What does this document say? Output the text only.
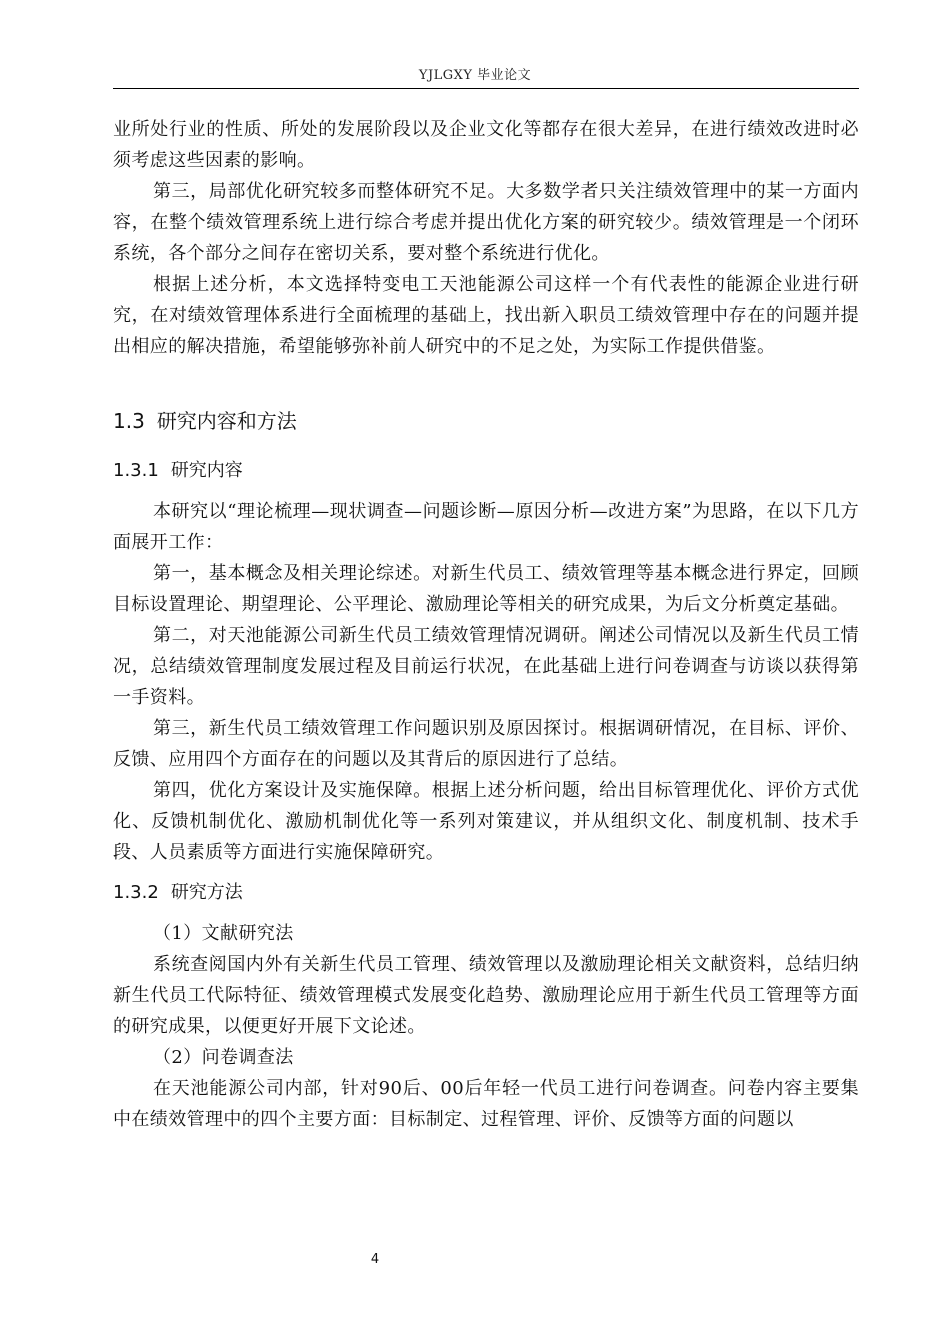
YJLGXY 毕业论文

业所处行业的性质、所处的发展阶段以及企业文化等都存在很大差异，在进行绩效改进时必须考虑这些因素的影响。

第三，局部优化研究较多而整体研究不足。大多数学者只关注绩效管理中的某一方面内容，在整个绩效管理系统上进行综合考虑并提出优化方案的研究较少。绩效管理是一个闭环系统，各个部分之间存在密切关系，要对整个系统进行优化。

根据上述分析，本文选择特变电工天池能源公司这样一个有代表性的能源企业进行研究，在对绩效管理体系进行全面梳理的基础上，找出新入职员工绩效管理中存在的问题并提出相应的解决措施，希望能够弥补前人研究中的不足之处，为实际工作提供借鉴。

1.3 研究内容和方法
1.3.1 研究内容

本研究以“理论梳理—现状调查—问题诊断—原因分析—改进方案”为思路，在以下几方面展开工作：

第一，基本概念及相关理论综述。对新生代员工、绩效管理等基本概念进行界定，回顾目标设置理论、期望理论、公平理论、激励理论等相关的研究成果，为后文分析奠定基础。

第二，对天池能源公司新生代员工绩效管理情况调研。阐述公司情况以及新生代员工情况，总结绩效管理制度发展过程及目前运行状况，在此基础上进行问卷调查与访谈以获得第一手资料。

第三，新生代员工绩效管理工作问题识别及原因探讨。根据调研情况，在目标、评价、反馈、应用四个方面存在的问题以及其背后的原因进行了总结。

第四，优化方案设计及实施保障。根据上述分析问题，给出目标管理优化、评价方式优化、反馈机制优化、激励机制优化等一系列对策建议，并从组织文化、制度机制、技术手段、人员素质等方面进行实施保障研究。

1.3.2 研究方法

（1）文献研究法

系统查阅国内外有关新生代员工管理、绩效管理以及激励理论相关文献资料，总结归纳新生代员工代际特征、绩效管理模式发展变化趋势、激励理论应用于新生代员工管理等方面的研究成果，以便更好开展下文论述。

（2）问卷调查法

在天池能源公司内部，针对90后、00后年轻一代员工进行问卷调查。问卷内容主要集中在绩效管理中的四个主要方面：目标制定、过程管理、评价、反馈等方面的问题以

4
